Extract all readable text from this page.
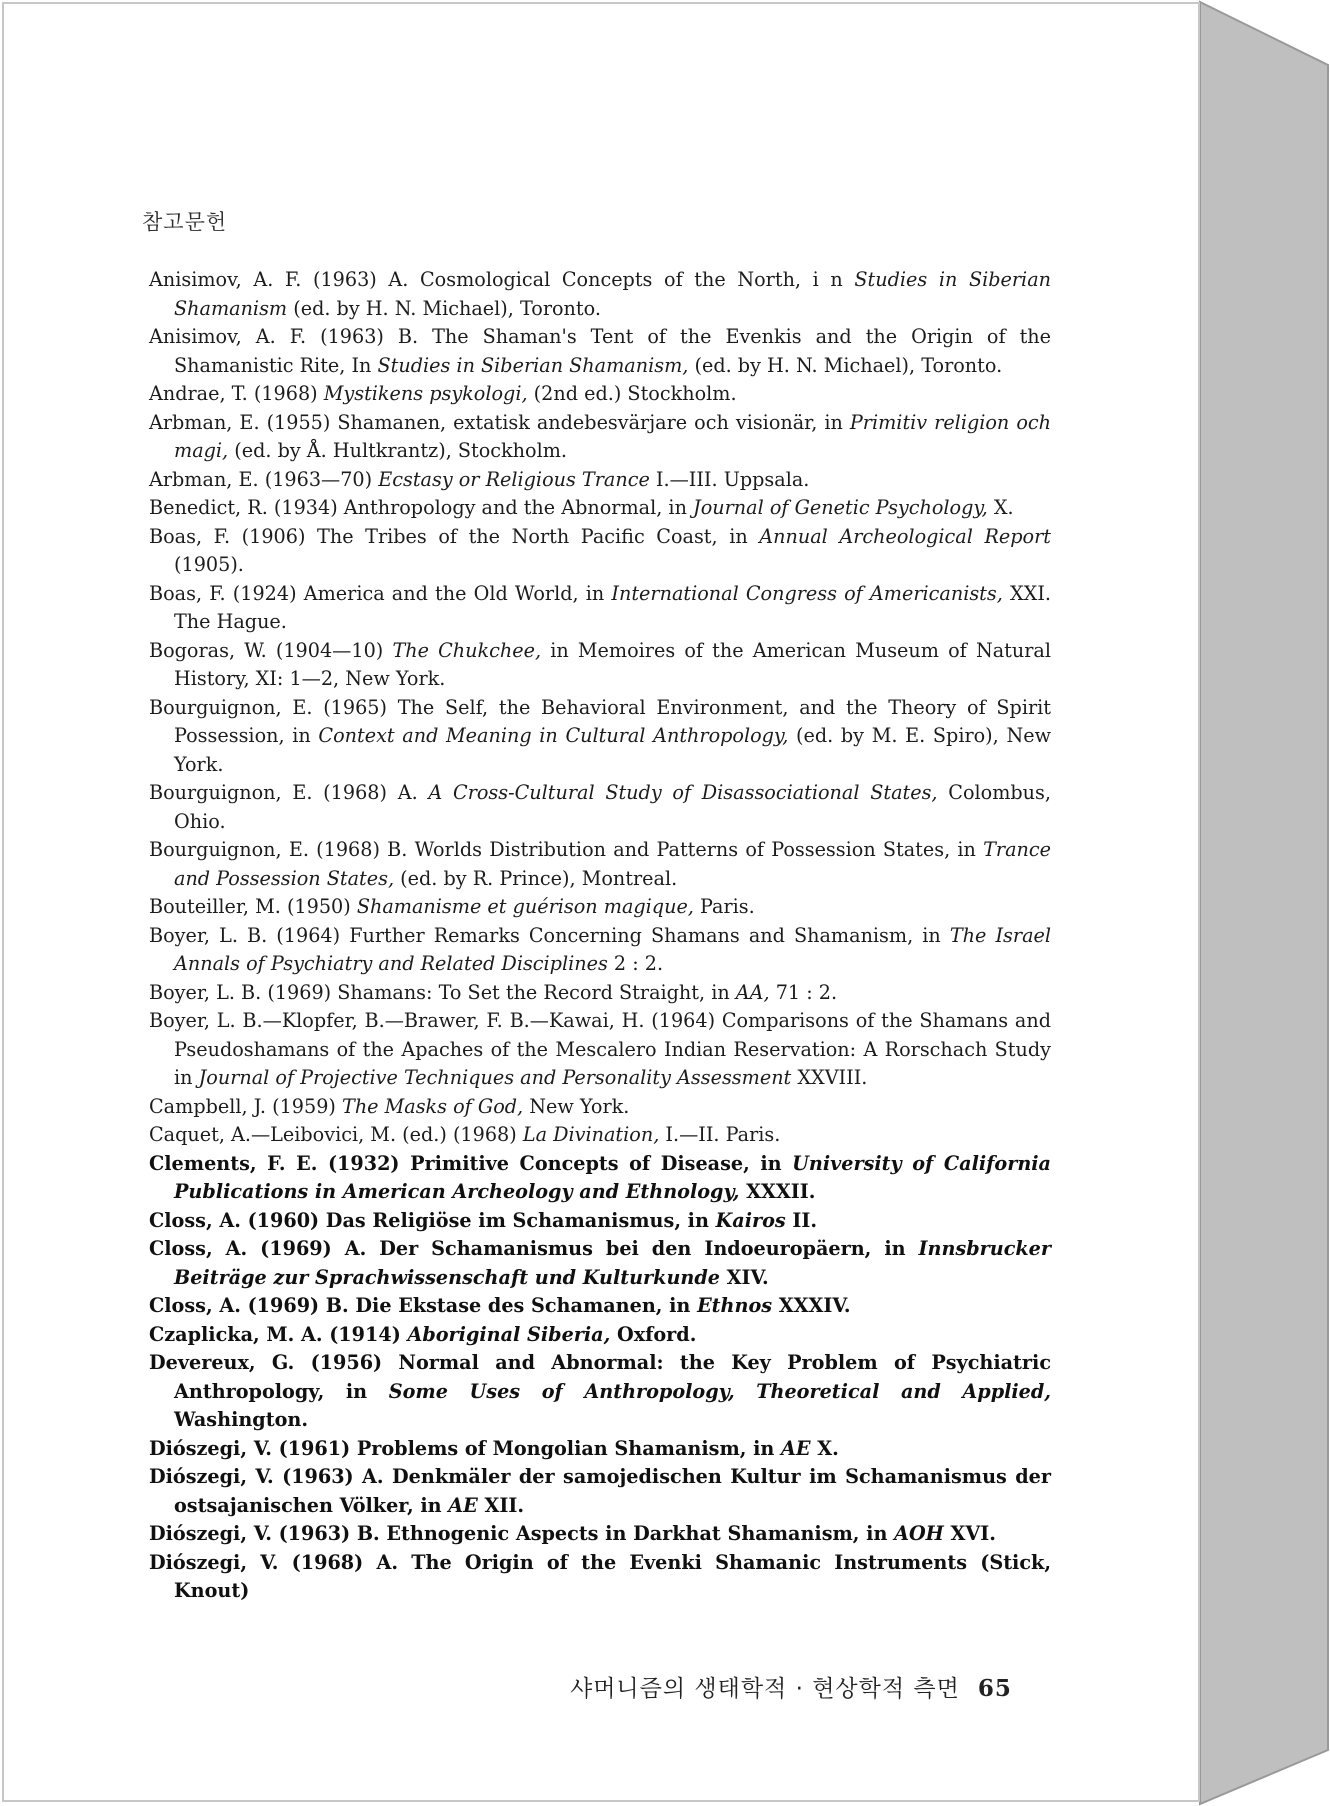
참고문헌

Anisimov, A. F. (1963) A. Cosmological Concepts of the North, i n Studies in Siberian Shamanism (ed. by H. N. Michael), Toronto.

Anisimov, A. F. (1963) B. The Shaman's Tent of the Evenkis and the Origin of the Shamanistic Rite, In Studies in Siberian Shamanism, (ed. by H. N. Michael), Toronto.

Andrae, T. (1968) Mystikens psykologi, (2nd ed.) Stockholm.

Arbman, E. (1955) Shamanen, extatisk andebesvärjare och visionär, in Primitiv religion och magi, (ed. by Å. Hultkrantz), Stockholm.

Arbman, E. (1963—70) Ecstasy or Religious Trance I.—III. Uppsala.

Benedict, R. (1934) Anthropology and the Abnormal, in Journal of Genetic Psychology, X.

Boas, F. (1906) The Tribes of the North Pacific Coast, in Annual Archeological Report (1905).

Boas, F. (1924) America and the Old World, in International Congress of Americanists, XXI. The Hague.

Bogoras, W. (1904—10) The Chukchee, in Memoires of the American Museum of Natural History, XI: 1—2, New York.

Bourguignon, E. (1965) The Self, the Behavioral Environment, and the Theory of Spirit Possession, in Context and Meaning in Cultural Anthropology, (ed. by M. E. Spiro), New York.

Bourguignon, E. (1968) A. A Cross-Cultural Study of Disassociational States, Colombus, Ohio.

Bourguignon, E. (1968) B. Worlds Distribution and Patterns of Possession States, in Trance and Possession States, (ed. by R. Prince), Montreal.

Bouteiller, M. (1950) Shamanisme et guérison magique, Paris.

Boyer, L. B. (1964) Further Remarks Concerning Shamans and Shamanism, in The Israel Annals of Psychiatry and Related Disciplines 2 : 2.

Boyer, L. B. (1969) Shamans: To Set the Record Straight, in AA, 71 : 2.

Boyer, L. B.—Klopfer, B.—Brawer, F. B.—Kawai, H. (1964) Comparisons of the Shamans and Pseudoshamans of the Apaches of the Mescalero Indian Reservation: A Rorschach Study in Journal of Projective Techniques and Personality Assessment XXVIII.

Campbell, J. (1959) The Masks of God, New York.

Caquet, A.—Leibovici, M. (ed.) (1968) La Divination, I.—II. Paris.

Clements, F. E. (1932) Primitive Concepts of Disease, in University of California Publications in American Archeology and Ethnology, XXXII.

Closs, A. (1960) Das Religiöse im Schamanismus, in Kairos II.

Closs, A. (1969) A. Der Schamanismus bei den Indoeuropäern, in Innsbrucker Beiträge zur Sprachwissenschaft und Kulturkunde XIV.

Closs, A. (1969) B. Die Ekstase des Schamanen, in Ethnos XXXIV.

Czaplicka, M. A. (1914) Aboriginal Siberia, Oxford.

Devereux, G. (1956) Normal and Abnormal: the Key Problem of Psychiatric Anthropology, in Some Uses of Anthropology, Theoretical and Applied, Washington.

Diószegi, V. (1961) Problems of Mongolian Shamanism, in AE X.

Diószegi, V. (1963) A. Denkmäler der samojedischen Kultur im Schamanismus der ostsajanischen Völker, in AE XII.

Diószegi, V. (1963) B. Ethnogenic Aspects in Darkhat Shamanism, in AOH XVI.

Diószegi, V. (1968) A. The Origin of the Evenki Shamanic Instruments (Stick, Knout)

샤머니즘의 생태학적 · 현상학적 측면 65
